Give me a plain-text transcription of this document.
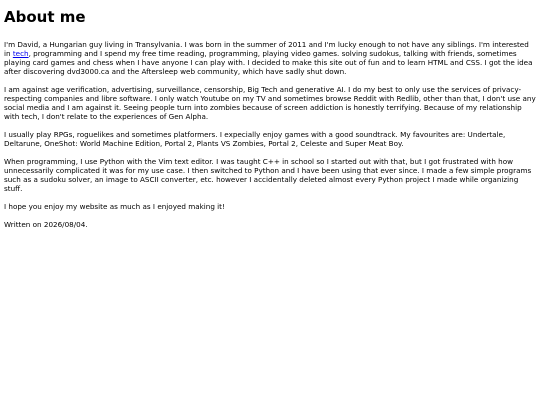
About me

I'm David, a Hungarian guy living in Transylvania. I was born in the summer of 2011 and I'm lucky enough to not have any siblings. I'm interested in tech, programming and I spend my free time reading, programming, playing video games. solving sudokus, talking with friends, sometimes playing card games and chess when I have anyone I can play with. I decided to make this site out of fun and to learn HTML and CSS. I got the idea after discovering dvd3000.ca and the Aftersleep web community, which have sadly shut down.

I am against age verification, advertising, surveillance, censorship, Big Tech and generative AI. I do my best to only use the services of privacy-respecting companies and libre software. I only watch Youtube on my TV and sometimes browse Reddit with Redlib, other than that, I don't use any social media and I am against it. Seeing people turn into zombies because of screen addiction is honestly terrifying. Because of my relationship with tech, I don't relate to the experiences of Gen Alpha.

I usually play RPGs, roguelikes and sometimes platformers. I expecially enjoy games with a good soundtrack. My favourites are: Undertale, Deltarune, OneShot: World Machine Edition, Portal 2, Plants VS Zombies, Portal 2, Celeste and Super Meat Boy.

When programming, I use Python with the Vim text editor. I was taught C++ in school so I started out with that, but I got frustrated with how unnecessarily complicated it was for my use case. I then switched to Python and I have been using that ever since. I made a few simple programs such as a sudoku solver, an image to ASCII converter, etc. however I accidentally deleted almost every Python project I made while organizing stuff.

I hope you enjoy my website as much as I enjoyed making it!

Written on 2026/08/04.
